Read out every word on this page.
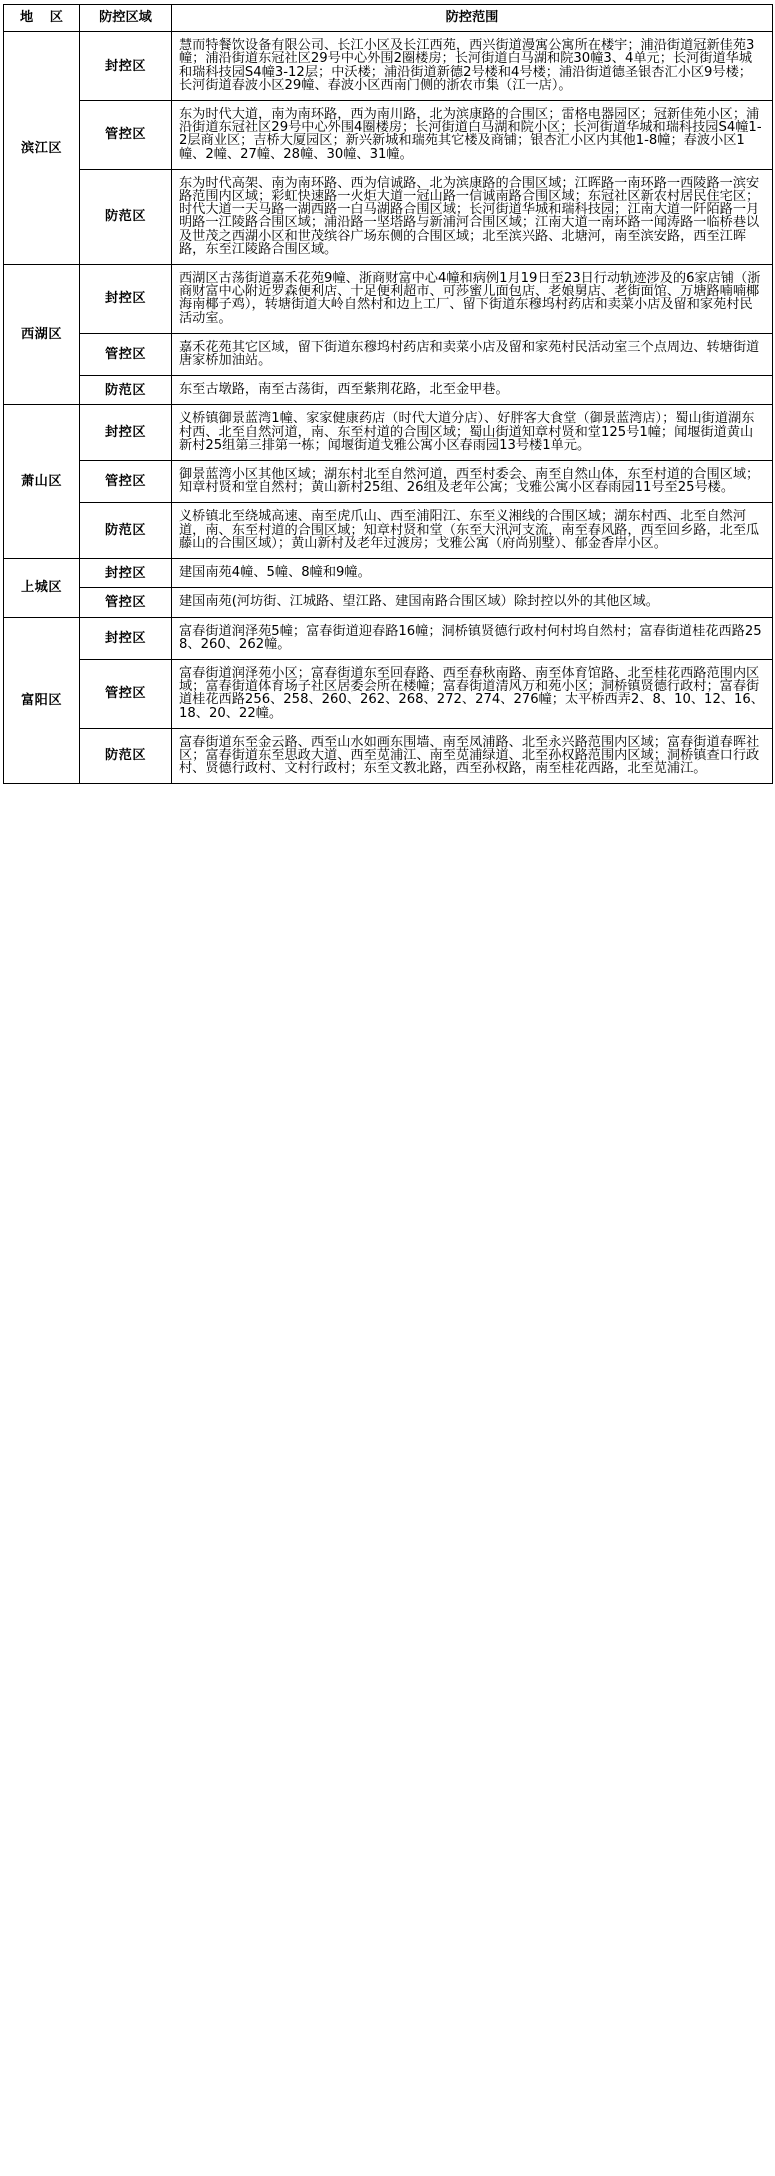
地 区	防控区域	防控范围
滨江区	封控区	慧而特餐饮设备有限公司、长江小区及长江西苑，西兴街道漫寓公寓所在楼宇；浦沿街道冠新佳苑3幢；浦沿街道东冠社区29号中心外围2圈楼房；长河街道白马湖和院30幢3、4单元；长河街道华城和瑞科技园S4幢3-12层；中沃楼；浦沿街道新德2号楼和4号楼；浦沿街道德圣银杏汇小区9号楼；长河街道春波小区29幢、春波小区西南门侧的浙农市集（江一店）。
	管控区	东为时代大道，南为南环路，西为南川路，北为滨康路的合围区；雷格电器园区；冠新佳苑小区；浦沿街道东冠社区29号中心外围4圈楼房；长河街道白马湖和院小区；长河街道华城和瑞科技园S4幢1-2层商业区；吉桥大厦园区；新兴新城和瑞苑其它楼及商铺；银杏汇小区内其他1-8幢；春波小区1幢、2幢、27幢、28幢、30幢、31幢。
	防范区	东为时代高架、南为南环路、西为信诚路、北为滨康路的合围区域；江晖路一南环路一西陵路一滨安路范围内区域；彩虹快速路一火炬大道一冠山路一信诚南路合围区域；东冠社区新农村居民住宅区；时代大道一天马路一湖西路一白马湖路合围区域；长河街道华城和瑞科技园；江南大道一阡陌路一月明路一江陵路合围区域；浦沿路一坚塔路与新浦河合围区域；江南大道一南环路一闻涛路一临桥巷以及世茂之西湖小区和世茂缤谷广场东侧的合围区域；北至滨兴路、北塘河，南至滨安路，西至江晖路，东至江陵路合围区域。
西湖区	封控区	西湖区古荡街道嘉禾花苑9幢、浙商财富中心4幢和病例1月19日至23日行动轨迹涉及的6家店铺（浙商财富中心附近罗森便利店、十足便利超市、可莎蜜儿面包店、老娘舅店、老街面馆、万塘路喃喃椰海南椰子鸡），转塘街道大岭自然村和边上工厂、留下街道东穆坞村药店和卖菜小店及留和家苑村民活动室。
	管控区	嘉禾花苑其它区域，留下街道东穆坞村药店和卖菜小店及留和家苑村民活动室三个点周边、转塘街道唐家桥加油站。
	防范区	东至古墩路，南至古荡街，西至紫荆花路，北至金甲巷。
萧山区	封控区	义桥镇御景蓝湾1幢、家家健康药店（时代大道分店）、好胖客大食堂（御景蓝湾店）；蜀山街道湖东村西、北至自然河道，南、东至村道的合围区域；蜀山街道知章村贤和堂125号1幢；闻堰街道黄山新村25组第三排第一栋；闻堰街道戈雅公寓小区春雨园13号楼1单元。
	管控区	御景蓝湾小区其他区域；湖东村北至自然河道，西至村委会、南至自然山体，东至村道的合围区域；知章村贤和堂自然村；黄山新村25组、26组及老年公寓；戈雅公寓小区春雨园11号至25号楼。
	防范区	义桥镇北至绕城高速、南至虎爪山、西至浦阳江、东至义湘线的合围区域；湖东村西、北至自然河道，南、东至村道的合围区域；知章村贤和堂（东至大汛河支流，南至春风路，西至回乡路，北至瓜藤山的合围区域）；黄山新村及老年过渡房；戈雅公寓（府尚别墅）、郁金香岸小区。
上城区	封控区	建国南苑4幢、5幢、8幢和9幢。
	管控区	建国南苑(河坊街、江城路、望江路、建国南路合围区域）除封控以外的其他区域。
富阳区	封控区	富春街道润泽苑5幢；富春街道迎春路16幢；洞桥镇贤德行政村何村坞自然村；富春街道桂花西路258、260、262幢。
	管控区	富春街道润泽苑小区；富春街道东至回春路、西至春秋南路、南至体育馆路、北至桂花西路范围内区域；富春街道体育场子社区居委会所在楼幢；富春街道清风万和苑小区；洞桥镇贤德行政村；富春街道桂花西路256、258、260、262、268、272、274、276幢；太平桥西弄2、8、10、12、16、18、20、22幢。
	防范区	富春街道东至金云路、西至山水如画东围墙、南至凤浦路、北至永兴路范围内区域；富春街道春晖社区；富春街道东至思政大道、西至苋浦江、南至苋浦绿道、北至孙权路范围内区域；洞桥镇查口行政村、贤德行政村、文村行政村；东至文教北路，西至孙权路，南至桂花西路，北至苋浦江。
